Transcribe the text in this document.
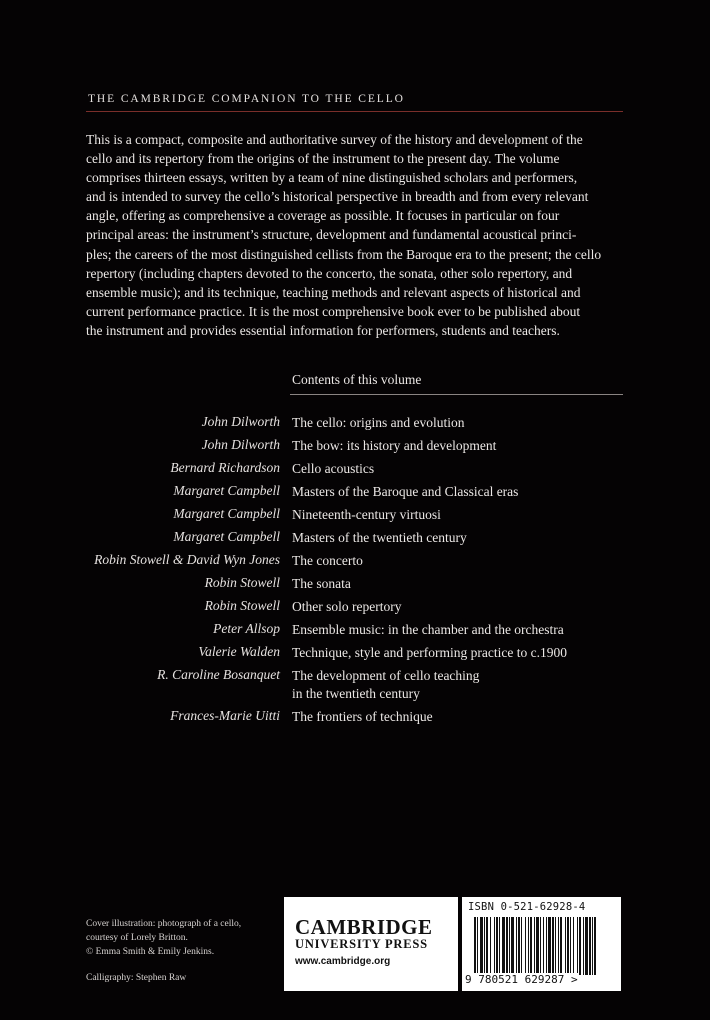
THE CAMBRIDGE COMPANION TO THE CELLO
This is a compact, composite and authoritative survey of the history and development of the
cello and its repertory from the origins of the instrument to the present day. The volume
comprises thirteen essays, written by a team of nine distinguished scholars and performers,
and is intended to survey the cello’s historical perspective in breadth and from every relevant
angle, offering as comprehensive a coverage as possible. It focuses in particular on four
principal areas: the instrument’s structure, development and fundamental acoustical princi-
ples; the careers of the most distinguished cellists from the Baroque era to the present; the cello
repertory (including chapters devoted to the concerto, the sonata, other solo repertory, and
ensemble music); and its technique, teaching methods and relevant aspects of historical and
current performance practice. It is the most comprehensive book ever to be published about
the instrument and provides essential information for performers, students and teachers.
Contents of this volume
John Dilworth The cello: origins and evolution
John Dilworth The bow: its history and development
Bernard Richardson Cello acoustics
Margaret Campbell Masters of the Baroque and Classical eras
Margaret Campbell Nineteenth-century virtuosi
Margaret Campbell Masters of the twentieth century
Robin Stowell & David Wyn Jones The concerto
Robin Stowell The sonata
Robin Stowell Other solo repertory
Peter Allsop Ensemble music: in the chamber and the orchestra
Valerie Walden Technique, style and performing practice to c.1900
R. Caroline Bosanquet The development of cello teaching
in the twentieth century
Frances-Marie Uitti The frontiers of technique
Cover illustration: photograph of a cello,
courtesy of Lorely Britton.
© Emma Smith & Emily Jenkins.
Calligraphy: Stephen Raw
CAMBRIDGE
UNIVERSITY PRESS
www.cambridge.org
ISBN 0-521-62928-4
9 780521 629287 >
